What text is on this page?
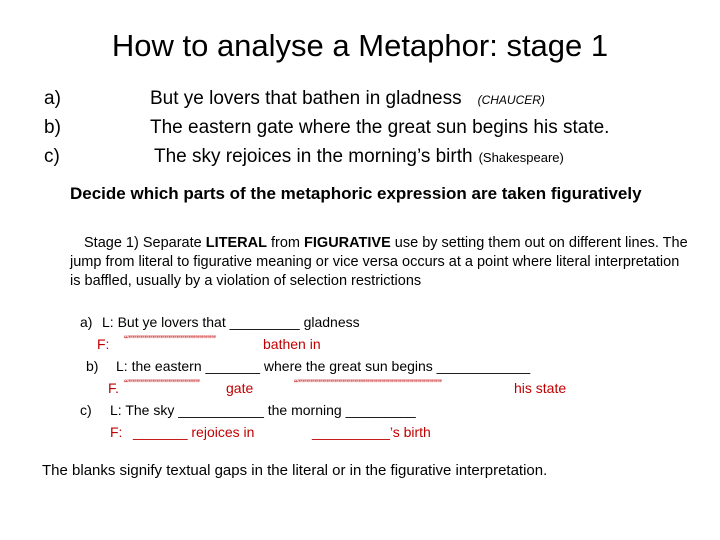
How to analyse a Metaphor: stage 1
a)	But ye lovers that bathen in gladness (CHAUCER)
b)	The eastern gate where the great sun begins his state.
c)	The sky rejoices in the morning’s birth (Shakespeare)
Decide which parts of the metaphoric expression are taken figuratively
Stage 1) Separate LITERAL from FIGURATIVE use by setting them out on different lines. The jump from literal to figurative meaning or vice versa occurs at a point where literal interpretation is baffled, usually by a violation of selection restrictions
a) L: But ye lovers that _________ gladness
F: “””””””””””””””””””””””	bathen in
b) L: the eastern _______ where the great sun begins ____________
F. “”””””””””””””””””” gate	“””””””””””””””””””””””””””””””””””””	his state
c) L: The sky ___________ the morning _________
F: _______ rejoices in	__________’s birth
The blanks signify textual gaps in the literal or in the figurative interpretation.
